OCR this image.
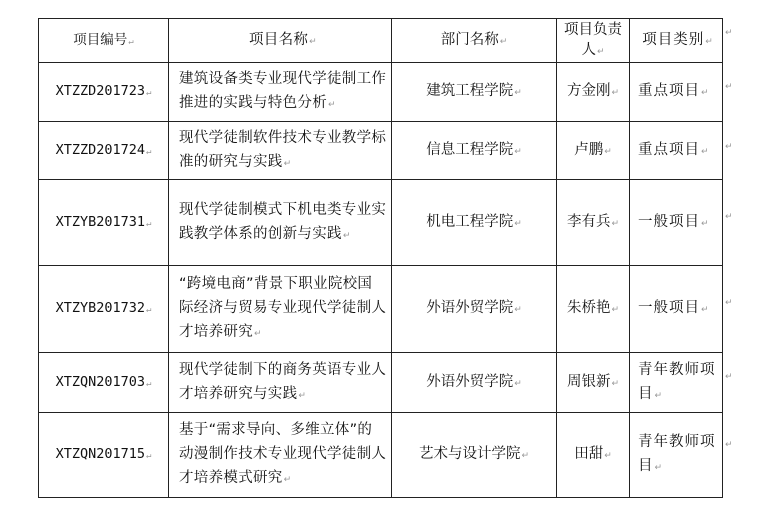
项目编号↵	项目名称↵	部门名称↵	项目负责人↵	项目类别↵
XTZZD201723↵	建筑设备类专业现代学徒制工作推进的实践与特色分析↵	建筑工程学院↵	方金刚↵	重点项目↵
XTZZD201724↵	现代学徒制软件技术专业教学标准的研究与实践↵	信息工程学院↵	卢鹏↵	重点项目↵
XTZYB201731↵	现代学徒制模式下机电类专业实践教学体系的创新与实践↵	机电工程学院↵	李有兵↵	一般项目↵
XTZYB201732↵	“跨境电商”背景下职业院校国际经济与贸易专业现代学徒制人才培养研究↵	外语外贸学院↵	朱桥艳↵	一般项目↵
XTZQN201703↵	现代学徒制下的商务英语专业人才培养研究与实践↵	外语外贸学院↵	周银新↵	青年教师项目↵
XTZQN201715↵	基于“需求导向、多维立体”的动漫制作技术专业现代学徒制人才培养模式研究↵	艺术与设计学院↵	田甜↵	青年教师项目↵
↵
↵
↵
↵
↵
↵
↵
